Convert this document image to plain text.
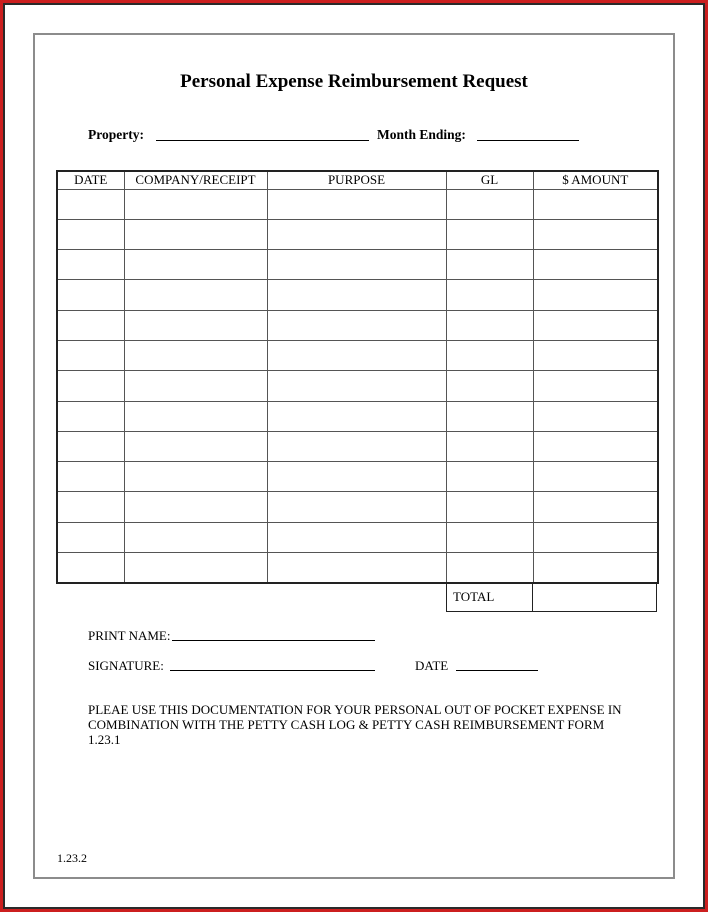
Personal Expense Reimbursement Request
Property:	Month Ending:
DATE	COMPANY/RECEIPT	PURPOSE	GL	$ AMOUNT

TOTAL
PRINT NAME:
SIGNATURE:	DATE
PLEAE USE THIS DOCUMENTATION FOR YOUR PERSONAL OUT OF POCKET EXPENSE IN
COMBINATION WITH THE PETTY CASH LOG & PETTY CASH REIMBURSEMENT FORM
1.23.1
1.23.2
